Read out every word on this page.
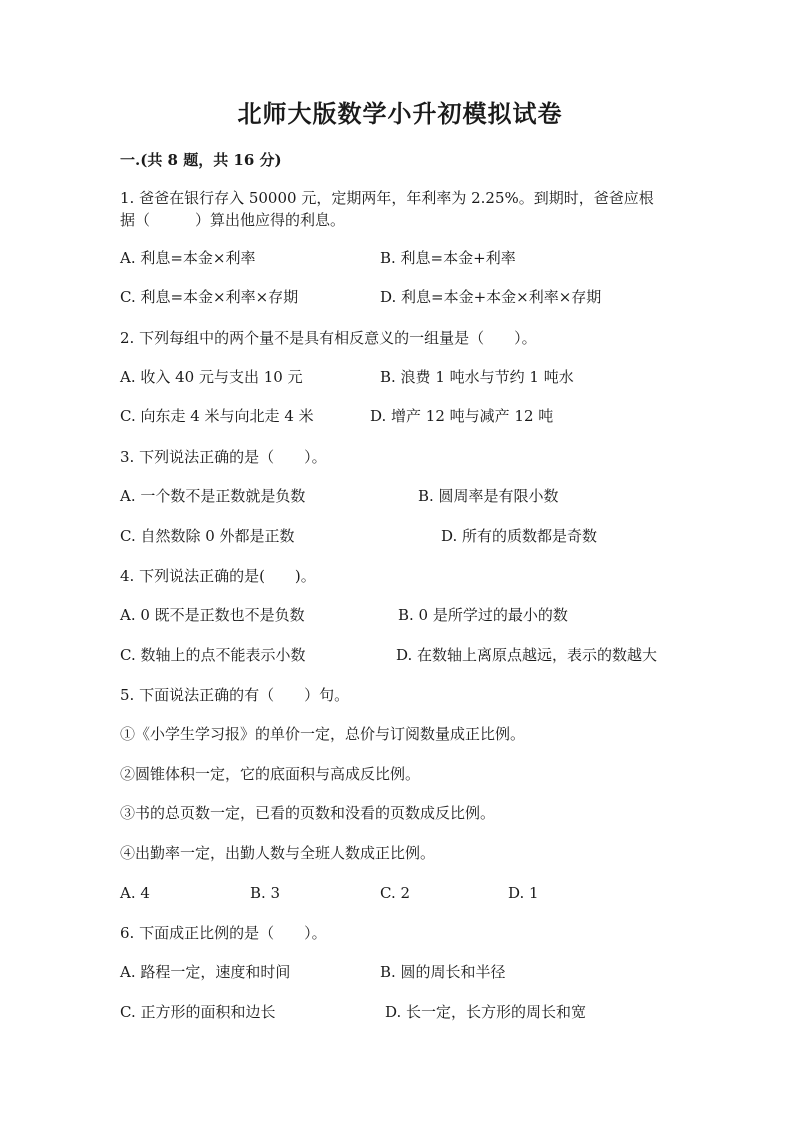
北师大版数学小升初模拟试卷
一.(共 8 题，共 16 分)
1. 爸爸在银行存入 50000 元，定期两年，年利率为 2.25%。到期时，爸爸应根
据（　　　）算出他应得的利息。
A. 利息=本金×利率	B. 利息=本金+利率
C. 利息=本金×利率×存期	D. 利息=本金+本金×利率×存期
2. 下列每组中的两个量不是具有相反意义的一组量是（　　）。
A. 收入 40 元与支出 10 元	B. 浪费 1 吨水与节约 1 吨水
C. 向东走 4 米与向北走 4 米	D. 增产 12 吨与减产 12 吨
3. 下列说法正确的是（　　）。
A. 一个数不是正数就是负数	B. 圆周率是有限小数
C. 自然数除 0 外都是正数	D. 所有的质数都是奇数
4. 下列说法正确的是(　　)。
A. 0 既不是正数也不是负数	B. 0 是所学过的最小的数
C. 数轴上的点不能表示小数	D. 在数轴上离原点越远，表示的数越大
5. 下面说法正确的有（　　）句。
①《小学生学习报》的单价一定，总价与订阅数量成正比例。
②圆锥体积一定，它的底面积与高成反比例。
③书的总页数一定，已看的页数和没看的页数成反比例。
④出勤率一定，出勤人数与全班人数成正比例。
A. 4	B. 3	C. 2	D. 1
6. 下面成正比例的是（　　）。
A. 路程一定，速度和时间	B. 圆的周长和半径
C. 正方形的面积和边长	D. 长一定，长方形的周长和宽
